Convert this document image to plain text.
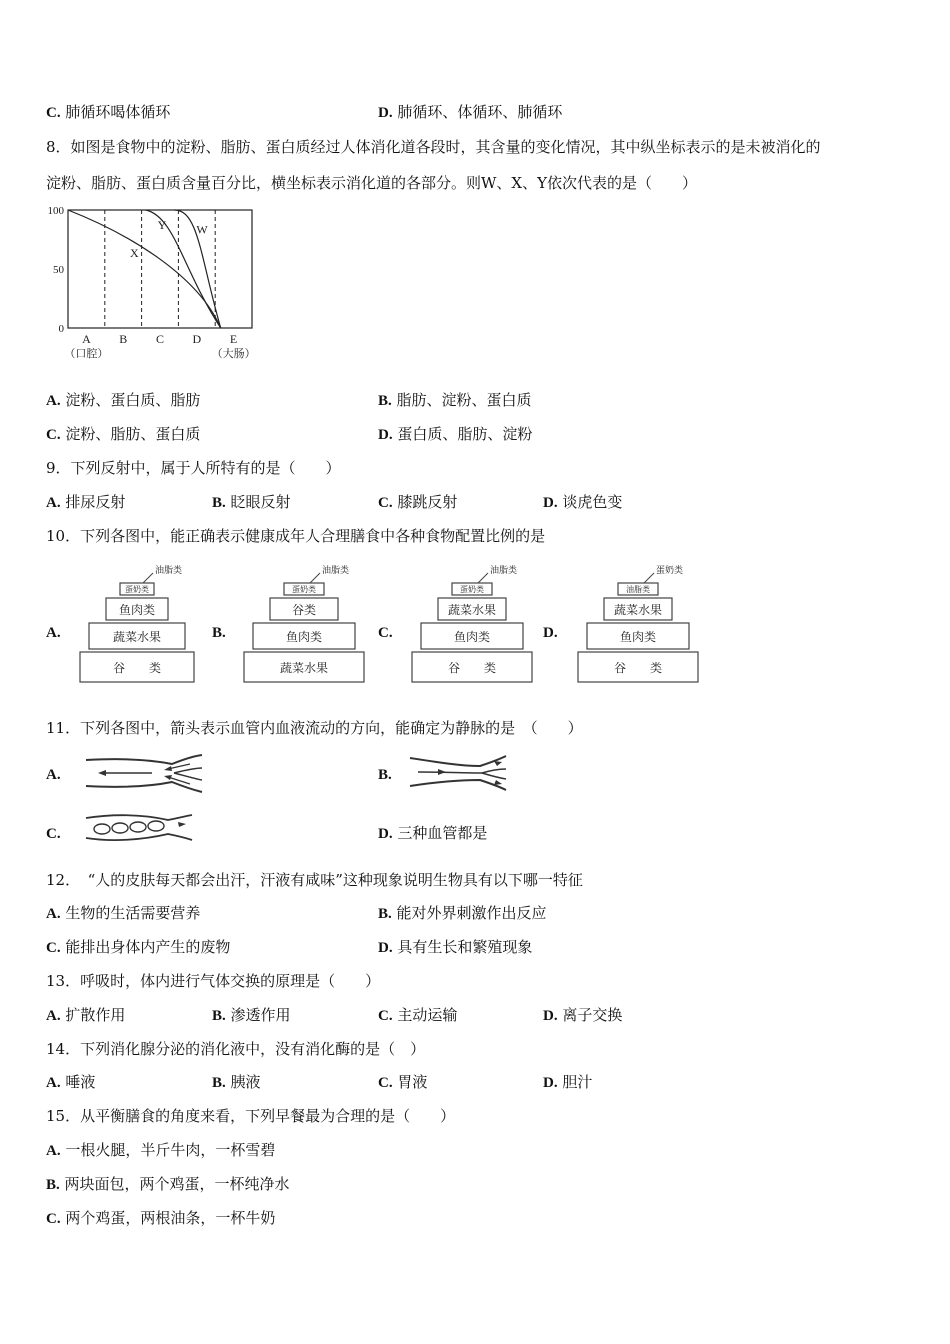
C. 肺循环喝体循环	D. 肺循环、体循环、肺循环
8．如图是食物中的淀粉、脂肪、蛋白质经过人体消化道各段时，其含量的变化情况，其中纵坐标表示的是未被消化的
淀粉、脂肪、蛋白质含量百分比，横坐标表示消化道的各部分。则W、X、Y依次代表的是（　　）
100
50
0
A
（口腔）
B C D E
（大肠）
X
Y	W
A. 淀粉、蛋白质、脂肪	B. 脂肪、淀粉、蛋白质
C. 淀粉、脂肪、蛋白质	D. 蛋白质、脂肪、淀粉
9．下列反射中，属于人所特有的是（　　）
A. 排尿反射	B. 眨眼反射	C. 膝跳反射	D. 谈虎色变
10．下列各图中，能正确表示健康成年人合理膳食中各种食物配置比例的是
A.
谷　　类
蔬菜水果
鱼肉类
蛋奶类
油脂类
B.
蔬菜水果
鱼肉类
谷类
蛋奶类
油脂类
C.
谷　　类
鱼肉类
蔬菜水果
蛋奶类
油脂类
D.
谷　　类
鱼肉类
蔬菜水果
油脂类
蛋奶类
11．下列各图中，箭头表示血管内血液流动的方向，能确定为静脉的是　（　　）
A.	B.
C.	D. 三种血管都是
12．　“人的皮肤每天都会出汗，汗液有咸味”这种现象说明生物具有以下哪一特征
A. 生物的生活需要营养	B. 能对外界刺激作出反应
C. 能排出身体内产生的废物	D. 具有生长和繁殖现象
13．呼吸时，体内进行气体交换的原理是（　　）
A. 扩散作用	B. 渗透作用	C. 主动运输	D. 离子交换
14．下列消化腺分泌的消化液中，没有消化酶的是（　）
A. 唾液	B. 胰液	C. 胃液	D. 胆汁
15．从平衡膳食的角度来看，下列早餐最为合理的是（　　）
A. 一根火腿，半斤牛肉，一杯雪碧
B. 两块面包，两个鸡蛋，一杯纯净水
C. 两个鸡蛋，两根油条，一杯牛奶
